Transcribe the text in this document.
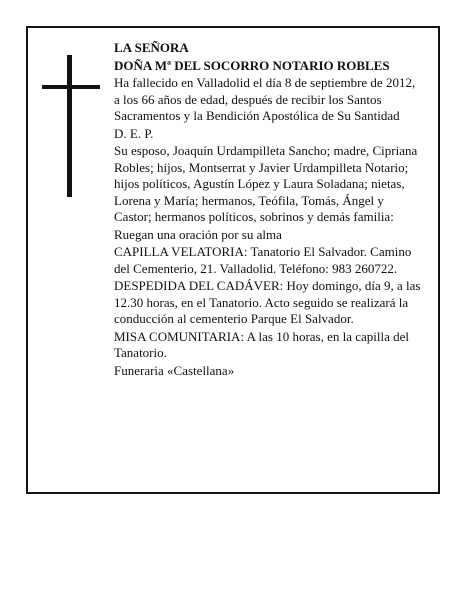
LA SEÑORA

DOÑA Mª DEL SOCORRO NOTARIO ROBLES

Ha fallecido en Valladolid el día 8 de septiembre de 2012, a los 66 años de edad, después de recibir los Santos Sacramentos y la Bendición Apostólica de Su Santidad

D. E. P.

Su esposo, Joaquín Urdampilleta Sancho; madre, Cipriana Robles; hijos, Montserrat y Javier Urdampilleta Notario; hijos políticos, Agustín López y Laura Soladana; nietas, Lorena y María; hermanos, Teófila, Tomás, Ángel y Castor; hermanos políticos, sobrinos y demás familia:

Ruegan una oración por su alma

CAPILLA VELATORIA: Tanatorio El Salvador. Camino del Cementerio, 21. Valladolid. Teléfono: 983 260722.

DESPEDIDA DEL CADÁVER: Hoy domingo, día 9, a las 12.30 horas, en el Tanatorio. Acto seguido se realizará la conducción al cementerio Parque El Salvador.

MISA COMUNITARIA: A las 10 horas, en la capilla del Tanatorio.

Funeraria «Castellana»
